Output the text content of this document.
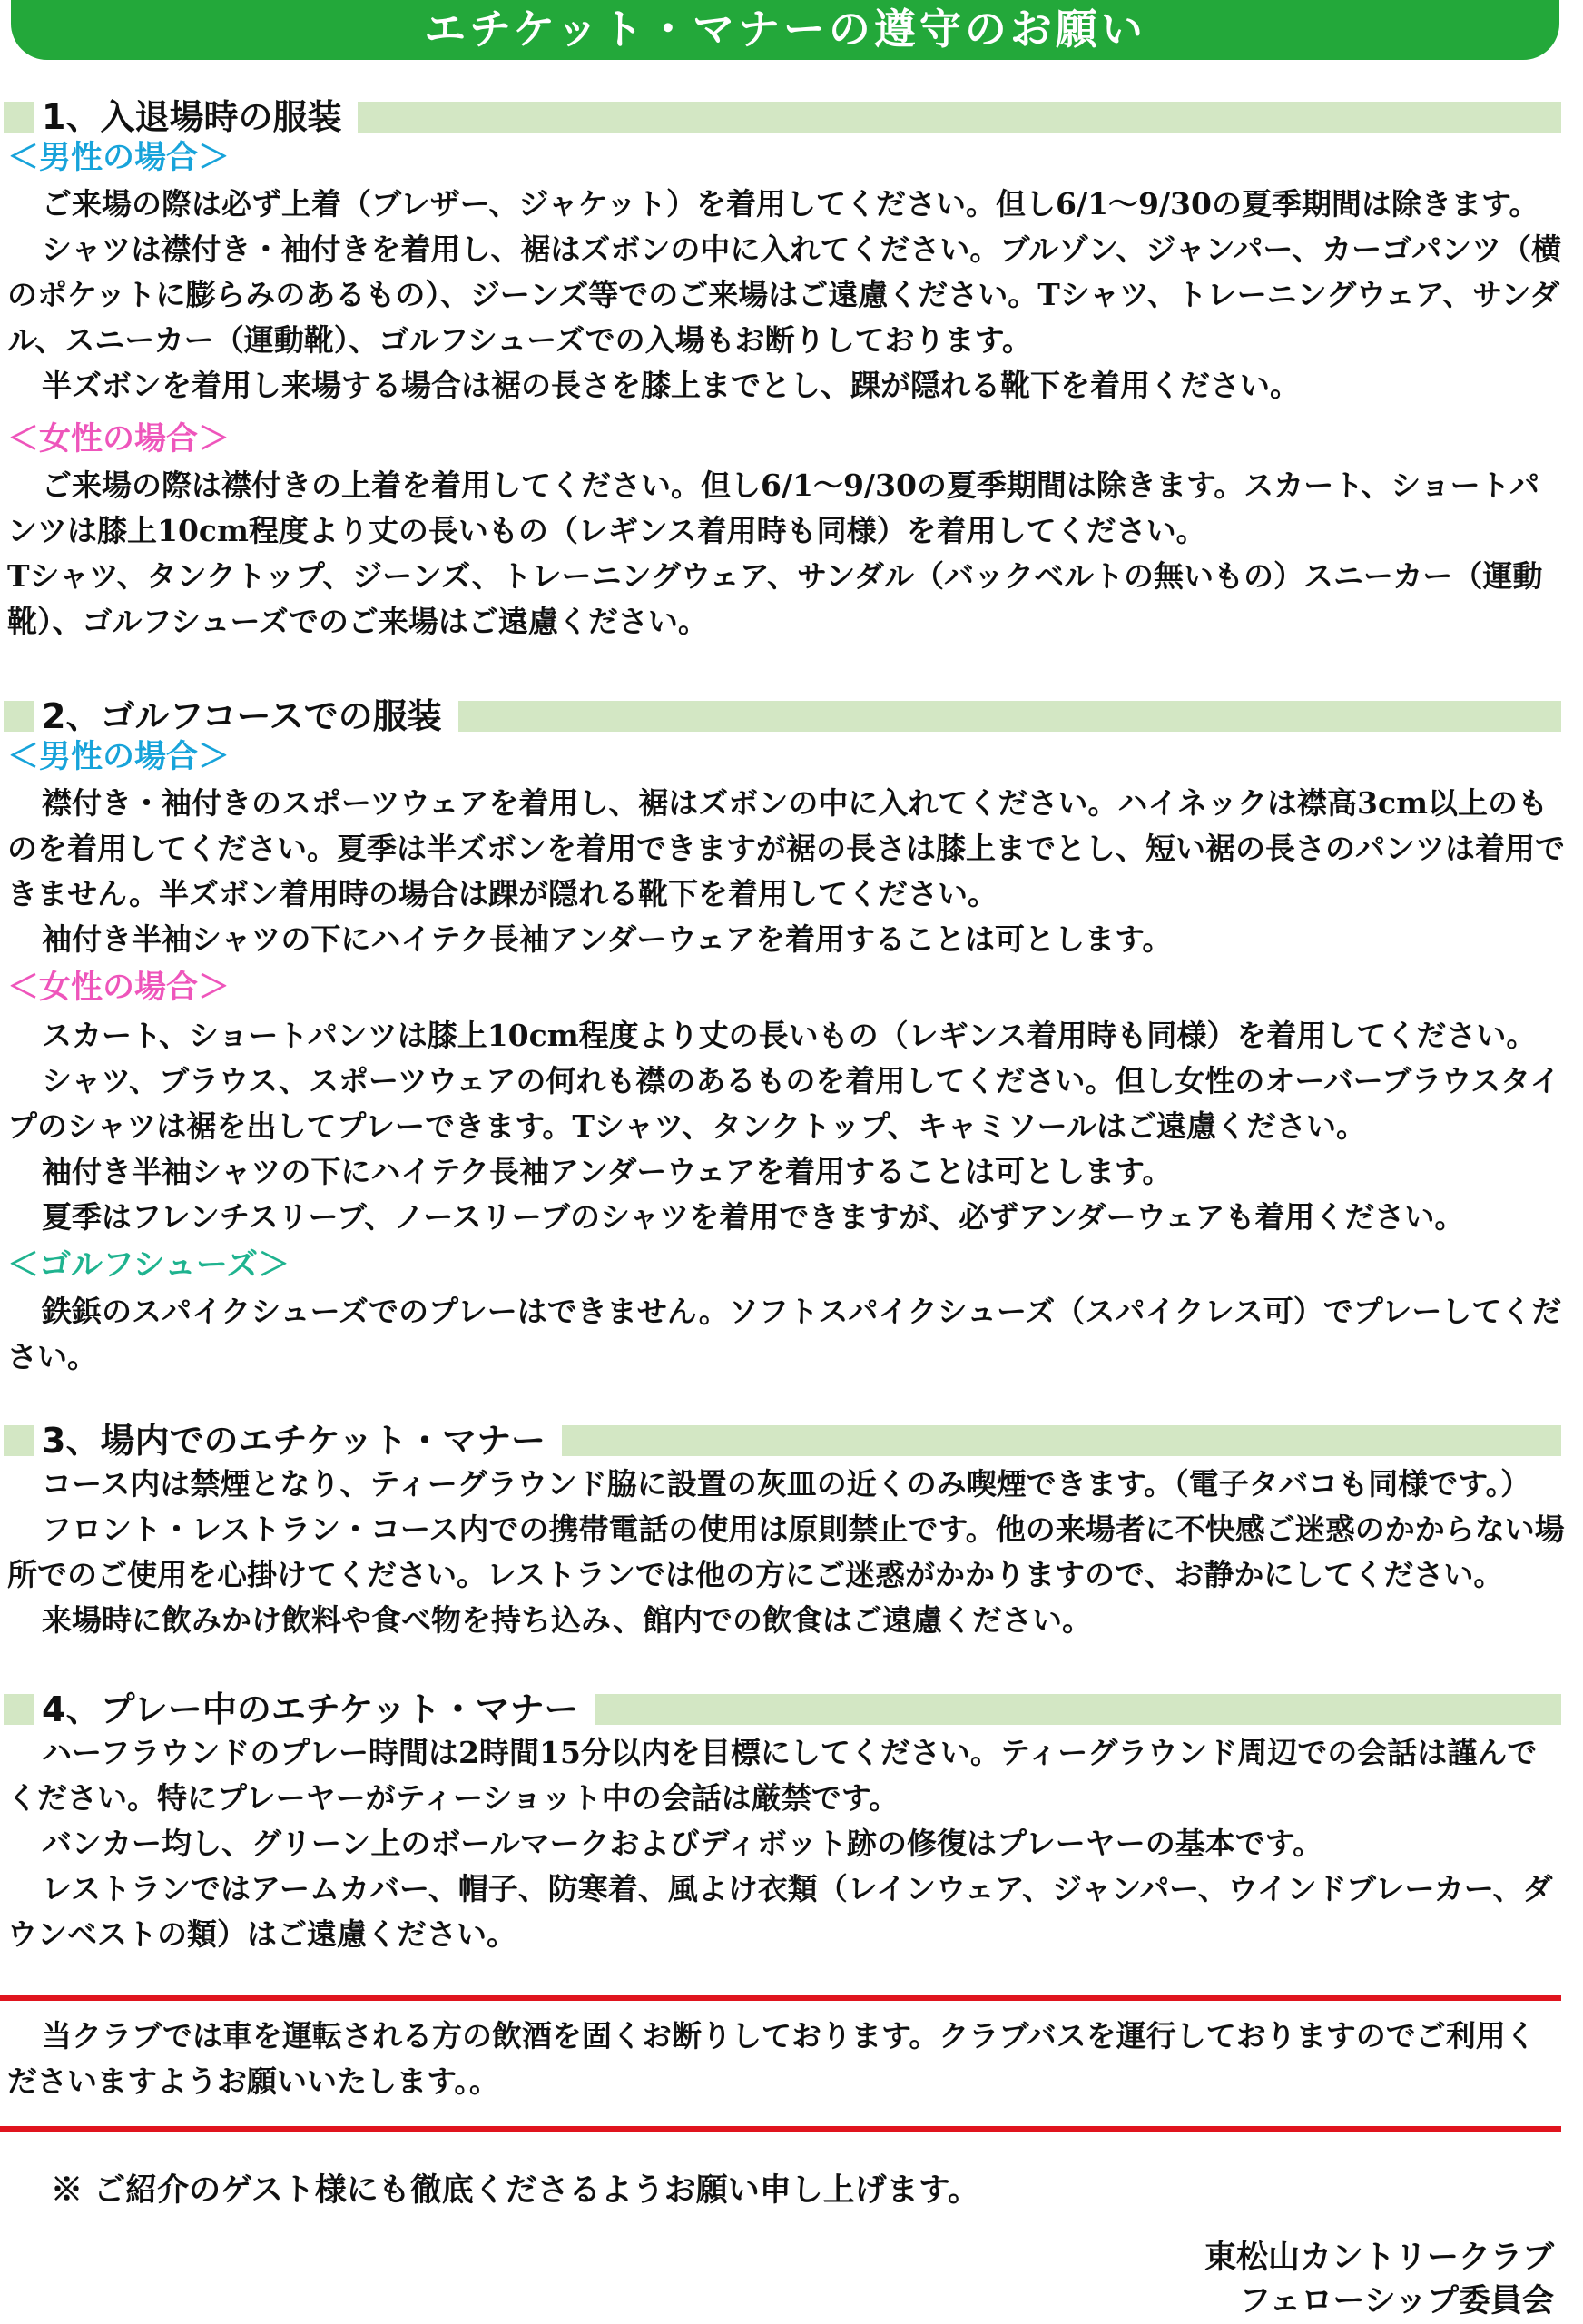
エチケット・マナーの遵守のお願い
1、入退場時の服装
＜男性の場合＞

ご来場の際は必ず上着（ブレザー、ジャケット）を着用してください。但し6/1～9/30の夏季期間は除きます。

シャツは襟付き・袖付きを着用し、裾はズボンの中に入れてください。ブルゾン、ジャンパー、カーゴパンツ（横のポケットに膨らみのあるもの）、ジーンズ等でのご来場はご遠慮ください。Tシャツ、トレーニングウェア、サンダル、スニーカー（運動靴）、ゴルフシューズでの入場もお断りしております。

半ズボンを着用し来場する場合は裾の長さを膝上までとし、踝が隠れる靴下を着用ください。

＜女性の場合＞

ご来場の際は襟付きの上着を着用してください。但し6/1～9/30の夏季期間は除きます。スカート、ショートパンツは膝上10cm程度より丈の長いもの（レギンス着用時も同様）を着用してください。

Tシャツ、タンクトップ、ジーンズ、トレーニングウェア、サンダル（バックベルトの無いもの）スニーカー（運動靴）、ゴルフシューズでのご来場はご遠慮ください。

2、ゴルフコースでの服装
＜男性の場合＞

襟付き・袖付きのスポーツウェアを着用し、裾はズボンの中に入れてください。ハイネックは襟高3cm以上のものを着用してください。夏季は半ズボンを着用できますが裾の長さは膝上までとし、短い裾の長さのパンツは着用できません。半ズボン着用時の場合は踝が隠れる靴下を着用してください。

袖付き半袖シャツの下にハイテク長袖アンダーウェアを着用することは可とします。

＜女性の場合＞

スカート、ショートパンツは膝上10cm程度より丈の長いもの（レギンス着用時も同様）を着用してください。

シャツ、ブラウス、スポーツウェアの何れも襟のあるものを着用してください。但し女性のオーバーブラウスタイプのシャツは裾を出してプレーできます。Tシャツ、タンクトップ、キャミソールはご遠慮ください。

袖付き半袖シャツの下にハイテク長袖アンダーウェアを着用することは可とします。

夏季はフレンチスリーブ、ノースリーブのシャツを着用できますが、必ずアンダーウェアも着用ください。

＜ゴルフシューズ＞

鉄鋲のスパイクシューズでのプレーはできません。ソフトスパイクシューズ（スパイクレス可）でプレーしてください。

3、場内でのエチケット・マナー

コース内は禁煙となり、ティーグラウンド脇に設置の灰皿の近くのみ喫煙できます。（電子タバコも同様です。）

フロント・レストラン・コース内での携帯電話の使用は原則禁止です。他の来場者に不快感ご迷惑のかからない場所でのご使用を心掛けてください。レストランでは他の方にご迷惑がかかりますので、お静かにしてください。

来場時に飲みかけ飲料や食べ物を持ち込み、館内での飲食はご遠慮ください。

4、プレー中のエチケット・マナー

ハーフラウンドのプレー時間は2時間15分以内を目標にしてください。ティーグラウンド周辺での会話は謹んでください。特にプレーヤーがティーショット中の会話は厳禁です。

バンカー均し、グリーン上のボールマークおよびディボット跡の修復はプレーヤーの基本です。

レストランではアームカバー、帽子、防寒着、風よけ衣類（レインウェア、ジャンパー、ウインドブレーカー、ダウンベストの類）はご遠慮ください。

当クラブでは車を運転される方の飲酒を固くお断りしております。クラブバスを運行しておりますのでご利用くださいますようお願いいたします。。

※ ご紹介のゲスト様にも徹底くださるようお願い申し上げます。
東松山カントリークラブ
フェローシップ委員会
